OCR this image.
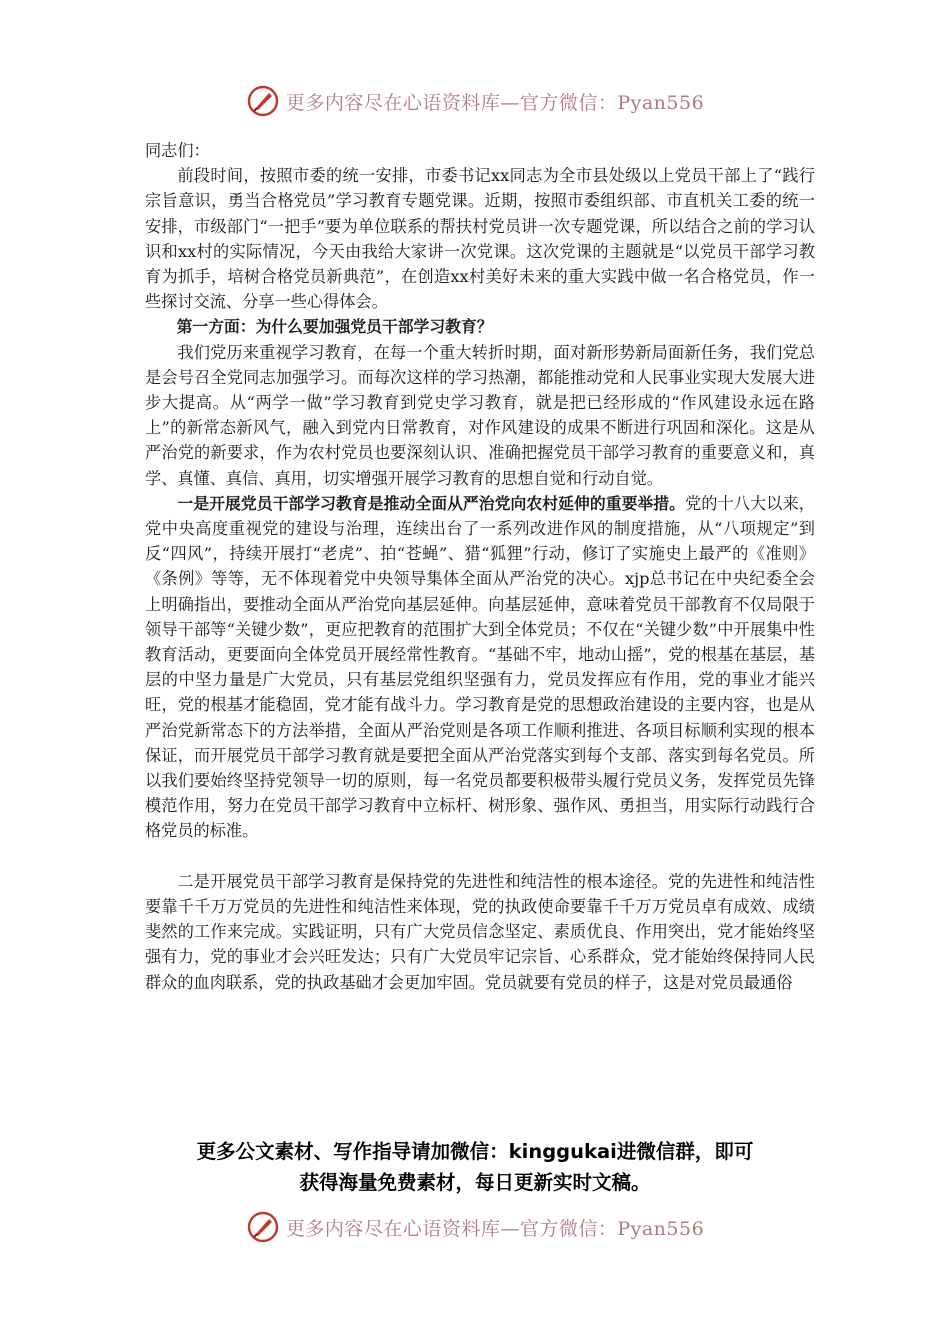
更多内容尽在心语资料库—官方微信：Pyan556

同志们：

前段时间，按照市委的统一安排，市委书记xx同志为全市县处级以上党员干部上了“践行宗旨意识，勇当合格党员”学习教育专题党课。近期，按照市委组织部、市直机关工委的统一安排，市级部门“一把手”要为单位联系的帮扶村党员讲一次专题党课，所以结合之前的学习认识和xx村的实际情况，今天由我给大家讲一次党课。这次党课的主题就是“以党员干部学习教育为抓手，培树合格党员新典范”，在创造xx村美好未来的重大实践中做一名合格党员，作一些探讨交流、分享一些心得体会。

第一方面：为什么要加强党员干部学习教育？

我们党历来重视学习教育，在每一个重大转折时期，面对新形势新局面新任务，我们党总是会号召全党同志加强学习。而每次这样的学习热潮，都能推动党和人民事业实现大发展大进步大提高。从“两学一做”学习教育到党史学习教育，就是把已经形成的“作风建设永远在路上”的新常态新风气，融入到党内日常教育，对作风建设的成果不断进行巩固和深化。这是从严治党的新要求，作为农村党员也要深刻认识、准确把握党员干部学习教育的重要意义和，真学、真懂、真信、真用，切实增强开展学习教育的思想自觉和行动自觉。

一是开展党员干部学习教育是推动全面从严治党向农村延伸的重要举措。党的十八大以来，党中央高度重视党的建设与治理，连续出台了一系列改进作风的制度措施，从“八项规定”到反“四风”，持续开展打“老虎”、拍“苍蝇”、猎“狐狸”行动，修订了实施史上最严的《准则》《条例》等等，无不体现着党中央领导集体全面从严治党的决心。xjp总书记在中央纪委全会上明确指出，要推动全面从严治党向基层延伸。向基层延伸，意味着党员干部教育不仅局限于领导干部等“关键少数”，更应把教育的范围扩大到全体党员；不仅在“关键少数”中开展集中性教育活动，更要面向全体党员开展经常性教育。“基础不牢，地动山摇”，党的根基在基层，基层的中坚力量是广大党员，只有基层党组织坚强有力，党员发挥应有作用，党的事业才能兴旺，党的根基才能稳固，党才能有战斗力。学习教育是党的思想政治建设的主要内容，也是从严治党新常态下的方法举措，全面从严治党则是各项工作顺利推进、各项目标顺利实现的根本保证，而开展党员干部学习教育就是要把全面从严治党落实到每个支部、落实到每名党员。所以我们要始终坚持党领导一切的原则，每一名党员都要积极带头履行党员义务，发挥党员先锋模范作用，努力在党员干部学习教育中立标杆、树形象、强作风、勇担当，用实际行动践行合格党员的标准。

二是开展党员干部学习教育是保持党的先进性和纯洁性的根本途径。党的先进性和纯洁性要靠千千万万党员的先进性和纯洁性来体现，党的执政使命要靠千千万万党员卓有成效、成绩斐然的工作来完成。实践证明，只有广大党员信念坚定、素质优良、作用突出，党才能始终坚强有力，党的事业才会兴旺发达；只有广大党员牢记宗旨、心系群众，党才能始终保持同人民群众的血肉联系，党的执政基础才会更加牢固。党员就要有党员的样子，这是对党员最通俗

更多公文素材、写作指导请加微信：kinggukai进微信群，即可

获得海量免费素材，每日更新实时文稿。

更多内容尽在心语资料库—官方微信：Pyan556
